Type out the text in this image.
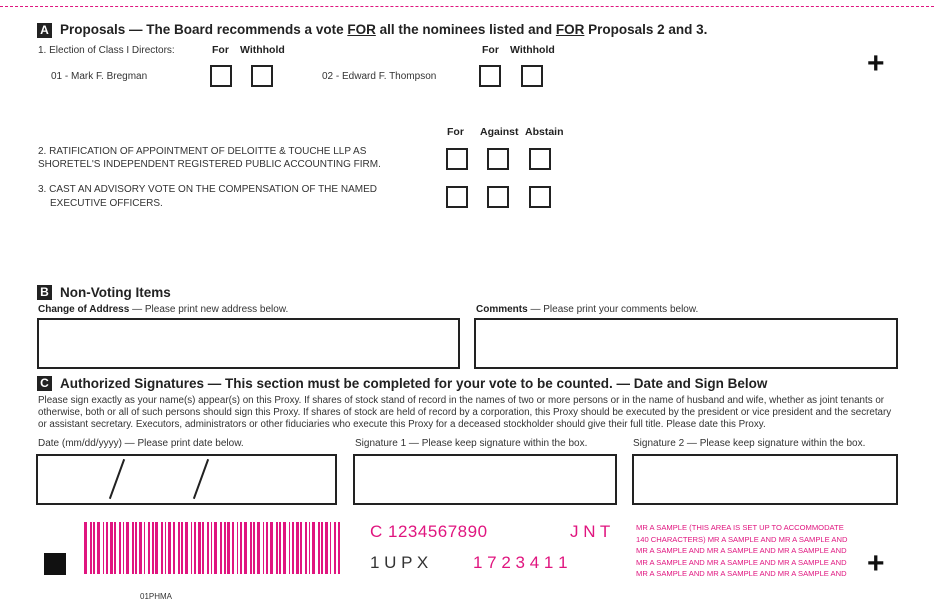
A Proposals — The Board recommends a vote FOR all the nominees listed and FOR Proposals 2 and 3.
1. Election of Class I Directors:	For Withhold	For Withhold
01 - Mark F. Bregman	02 - Edward F. Thompson	+
For Against Abstain
2. RATIFICATION OF APPOINTMENT OF DELOITTE & TOUCHE LLP AS
SHORETEL'S INDEPENDENT REGISTERED PUBLIC ACCOUNTING FIRM.
3. CAST AN ADVISORY VOTE ON THE COMPENSATION OF THE NAMED
EXECUTIVE OFFICERS.
B Non-Voting Items
Change of Address — Please print new address below.	Comments — Please print your comments below.
C Authorized Signatures — This section must be completed for your vote to be counted. — Date and Sign Below
Please sign exactly as your name(s) appear(s) on this Proxy. If shares of stock stand of record in the names of two or more persons or in the name of husband and wife, whether as joint tenants or otherwise, both or all of such persons should sign this Proxy. If shares of stock are held of record by a corporation, this Proxy should be executed by the president or vice president and the secretary or assistant secretary. Executors, administrators or other fiduciaries who execute this Proxy for a deceased stockholder should give their full title. Please date this Proxy.
Date (mm/dd/yyyy) — Please print date below.	Signature 1 — Please keep signature within the box.	Signature 2 — Please keep signature within the box.
C 1234567890	J N T
1 U P X	1 7 2 3 4 1 1
MR A SAMPLE (THIS AREA IS SET UP TO ACCOMMODATE
140 CHARACTERS) MR A SAMPLE AND MR A SAMPLE AND
MR A SAMPLE AND MR A SAMPLE AND MR A SAMPLE AND
MR A SAMPLE AND MR A SAMPLE AND MR A SAMPLE AND
MR A SAMPLE AND MR A SAMPLE AND MR A SAMPLE AND +
01PHMA
